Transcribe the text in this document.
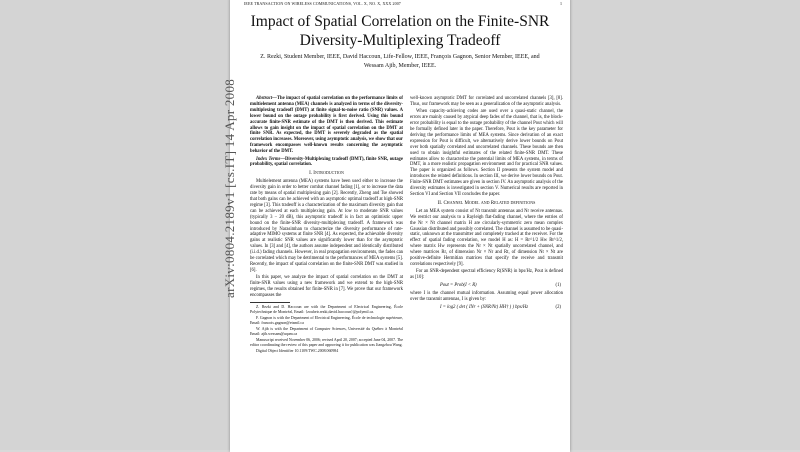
IEEE TRANSACTION ON WIRELESS COMMUNICATIONS, VOL. X, NO. X, XXX 2007	1
Impact of Spatial Correlation on the Finite-SNR Diversity-Multiplexing Tradeoff
Z. Rezki, Student Member, IEEE, David Haccoun, Life-Fellow, IEEE, François Gagnon, Senior Member, IEEE, and Wessam Ajib, Member, IEEE.
arXiv:0804.2189v1 [cs.IT] 14 Apr 2008	Abstract—The impact of spatial correlation on the performance limits of multielement antenna (MEA) channels is analyzed in terms of the diversity-multiplexing tradeoff (DMT) at finite signal-to-noise ratio (SNR) values. A lower bound on the outage probability is first derived. Using this bound accurate finite-SNR estimate of the DMT is then derived. This estimate allows to gain insight on the impact of spatial correlation on the DMT at finite SNR. As expected, the DMT is severely degraded as the spatial correlation increases. Moreover, using asymptotic analysis, we show that our framework encompasses well-known results concerning the asymptotic behavior of the DMT.

Index Terms—Diversity-Multiplexing tradeoff (DMT), finite SNR, outage probability, spatial correlation.

I. Introduction

Multielement antenna (MEA) systems have been used either to increase the diversity gain in order to better combat channel fading [1], or to increase the data rate by means of spatial multiplexing gain [2]. Recently, Zheng and Tse showed that both gains can be achieved with an asymptotic optimal tradeoff at high-SNR regime [3]. This tradeoff is a characterization of the maximum diversity gain that can be achieved at each multiplexing gain. At low to moderate SNR values (typically 3 − 20 dB), this asymptotic tradeoff is in fact an optimistic upper bound on the finite-SNR diversity-multiplexing tradeoff. A framework was introduced by Narasimhan to characterize the diversity performance of rate-adaptive MIMO systems at finite SNR [4]. As expected, the achievable diversity gains at realistic SNR values are significantly lower than for the asymptotic values. In [3] and [4], the authors assume independent and identically distributed (i.i.d.) fading channels. However, in real propagation environments, the fades can be correlated which may be detrimental to the performances of MEA systems [5]. Recently, the impact of spatial correlation on the finite-SNR DMT was studied in [6].

In this paper, we analyze the impact of spatial correlation on the DMT at finite-SNR values using a new framework and we extend to the high-SNR regimes, the results obtained for finite-SNR in [7]. We prove that our framework encompasses the

Z. Rezki and D. Haccoun are with the Department of Electrical Engineering, École Polytechnique de Montréal, Email: {zouheir.rezki,david.haccoun}@polymtl.ca.

F. Gagnon is with the Department of Electrical Engineering, École de technologie supérieure, Email: francois.gagnon@etsmtl.ca

W. Ajib is with the Department of Computer Sciences, Université du Québec à Montréal Email: ajib.wessam@uqam.ca

Manuscript received November 06, 2006; revised April 20, 2007; accepted June 04, 2007. The editor coordinating the review of this paper and approving it for publication was Jiangzhou Wang.

Digital Object Identifier 10.1109/TWC.2008.060984

well-known asymptotic DMT for correlated and uncorrelated channels [3], [8]. Thus, our framework may be seen as a generalization of the asymptotic analysis.

When capacity-achieving codes are used over a quasi-static channel, the errors are mainly caused by atypical deep fades of the channel, that is, the block-error probability is equal to the outage probability of the channel Pout which will be formally defined later in the paper. Therefore, Pout is the key parameter for deriving the performance limits of MEA systems. Since derivation of an exact expression for Pout is difficult, we alternatively derive lower bounds on Pout over both spatially correlated and uncorrelated channels. These bounds are then used to obtain insightful estimates of the related finite-SNR DMT. These estimates allow to characterize the potential limits of MEA systems, in terms of DMT, in a more realistic propagation environment and for practical SNR values. The paper is organized as follows. Section II presents the system model and introduces the related definitions. In section III, we derive lower bounds on Pout. Finite-SNR DMT estimates are given in section IV. An asymptotic analysis of the diversity estimates is investigated in section V. Numerical results are reported in Section VI and Section VII concludes the paper.

II. Channel Model and Related definitions

Let an MEA system consist of Nt transmit antennas and Nr receive antennas. We restrict our analysis to a Rayleigh flat-fading channel, where the entries of the Nr × Nt channel matrix H are circularly-symmetric zero mean complex Gaussian distributed and possibly correlated. The channel is assumed to be quasi-static, unknown at the transmitter and completely tracked at the receiver. For the effect of spatial fading correlation, we model H as: H = Rr^1/2 Hw Rt^1/2, where matrix Hw represents the Nr × Nt spatially uncorrelated channel, and where matrices Rr, of dimension Nr × Nr and Rt, of dimension Nt × Nt are positive-definite Hermitian matrices that specify the receive and transmit correlations respectively [9].

For an SNR-dependent spectral efficiency R(SNR) in bps/Hz, Pout is defined as [10]:

Pout = Prob(I < R)	(1)

where I is the channel mutual information. Assuming equal power allocation over the transmit antennas, I is given by:

I = log2 ( det ( INr + (SNR/Nt) HH† ) ) bps/Hz	(2)
